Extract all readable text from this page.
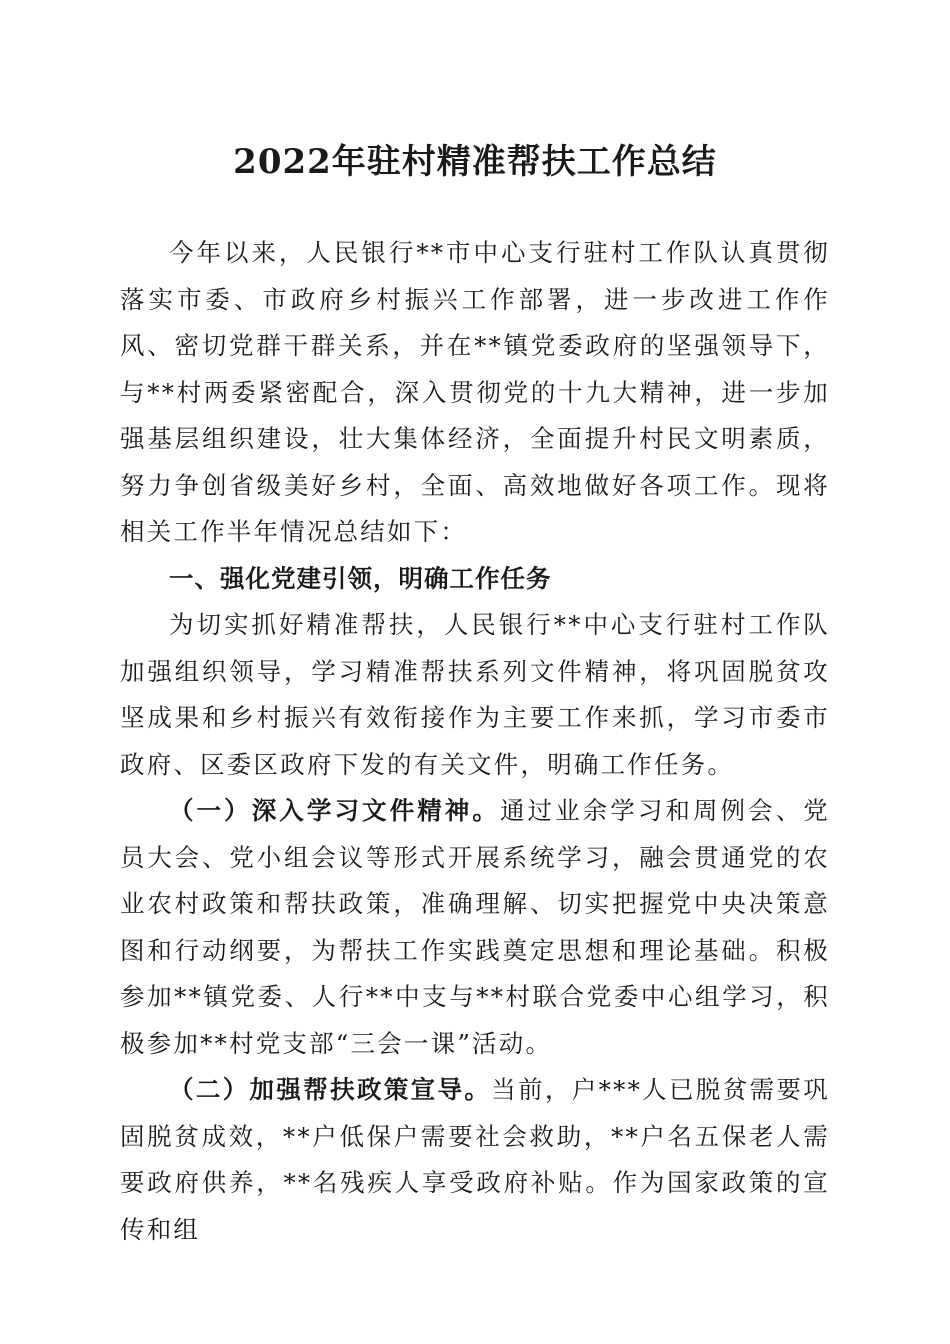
2022年驻村精准帮扶工作总结

今年以来，人民银行**市中心支行驻村工作队认真贯彻落实市委、市政府乡村振兴工作部署，进一步改进工作作风、密切党群干群关系，并在**镇党委政府的坚强领导下，与**村两委紧密配合，深入贯彻党的十九大精神，进一步加强基层组织建设，壮大集体经济，全面提升村民文明素质，努力争创省级美好乡村，全面、高效地做好各项工作。现将相关工作半年情况总结如下：

一、强化党建引领，明确工作任务

为切实抓好精准帮扶，人民银行**中心支行驻村工作队加强组织领导，学习精准帮扶系列文件精神，将巩固脱贫攻坚成果和乡村振兴有效衔接作为主要工作来抓，学习市委市政府、区委区政府下发的有关文件，明确工作任务。

（一）深入学习文件精神。通过业余学习和周例会、党员大会、党小组会议等形式开展系统学习，融会贯通党的农业农村政策和帮扶政策，准确理解、切实把握党中央决策意图和行动纲要，为帮扶工作实践奠定思想和理论基础。积极参加**镇党委、人行**中支与**村联合党委中心组学习，积极参加**村党支部“三会一课”活动。

（二）加强帮扶政策宣导。当前，户***人已脱贫需要巩固脱贫成效，**户低保户需要社会救助，**户名五保老人需要政府供养，**名残疾人享受政府补贴。作为国家政策的宣传和组
